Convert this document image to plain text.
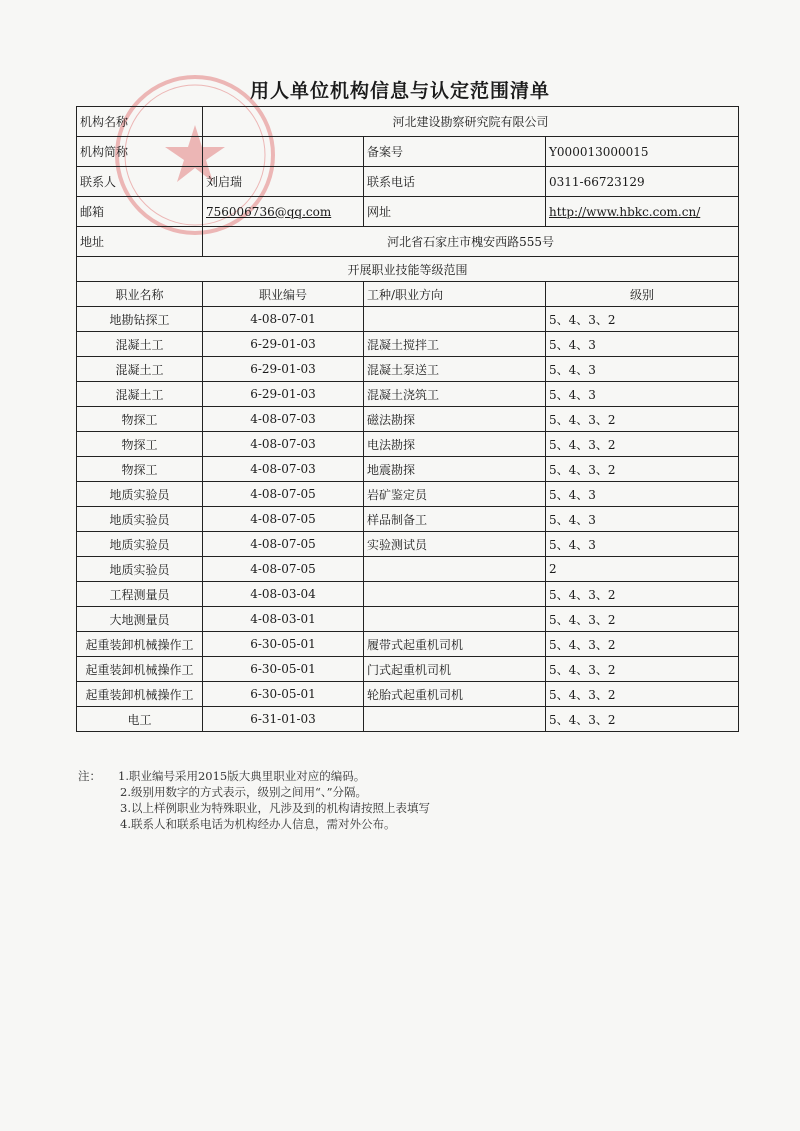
用人单位机构信息与认定范围清单
机构名称	河北建设勘察研究院有限公司		
机构简称		备案号	Y000013000015
联系人	刘启瑞	联系电话	0311-66723129
邮箱	756006736@qq.com	网址	http://www.hbkc.com.cn/
地址	河北省石家庄市槐安西路555号		
开展职业技能等级范围			
职业名称	职业编号	工种/职业方向	级别
地勘钻探工	4-08-07-01		5、4、3、2
混凝土工	6-29-01-03	混凝土搅拌工	5、4、3
混凝土工	6-29-01-03	混凝土泵送工	5、4、3
混凝土工	6-29-01-03	混凝土浇筑工	5、4、3
物探工	4-08-07-03	磁法勘探	5、4、3、2
物探工	4-08-07-03	电法勘探	5、4、3、2
物探工	4-08-07-03	地震勘探	5、4、3、2
地质实验员	4-08-07-05	岩矿鉴定员	5、4、3
地质实验员	4-08-07-05	样品制备工	5、4、3
地质实验员	4-08-07-05	实验测试员	5、4、3
地质实验员	4-08-07-05		2
工程测量员	4-08-03-04		5、4、3、2
大地测量员	4-08-03-01		5、4、3、2
起重装卸机械操作工	6-30-05-01	履带式起重机司机	5、4、3、2
起重装卸机械操作工	6-30-05-01	门式起重机司机	5、4、3、2
起重装卸机械操作工	6-30-05-01	轮胎式起重机司机	5、4、3、2
电工	6-31-01-03		5、4、3、2
注：	1.职业编号采用2015版大典里职业对应的编码。
2.级别用数字的方式表示，级别之间用“、”分隔。
3.以上样例职业为特殊职业，凡涉及到的机构请按照上表填写
4.联系人和联系电话为机构经办人信息，需对外公布。
